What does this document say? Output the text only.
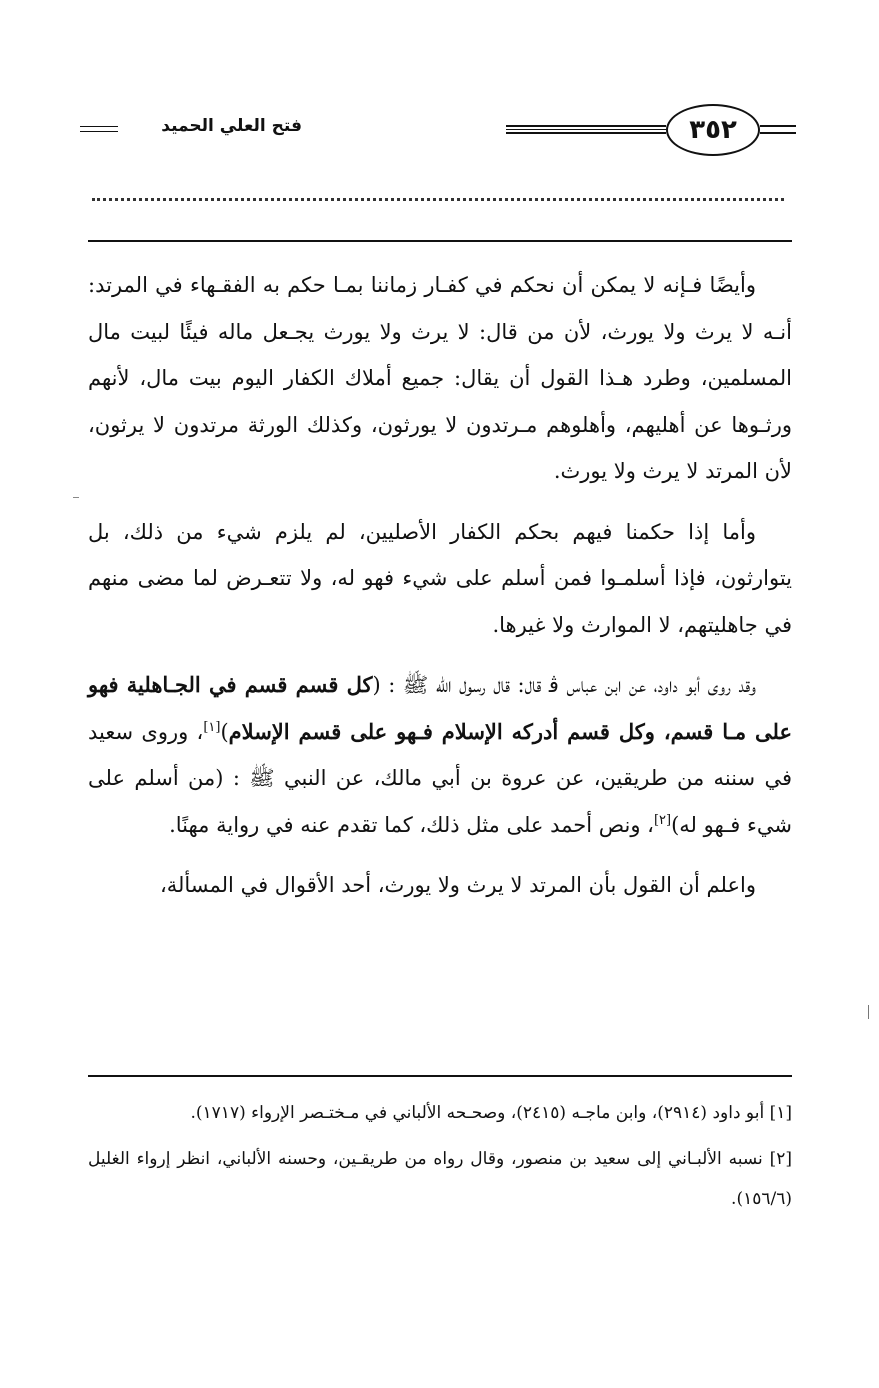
فتح العلي الحميد	٣٥٢

وأيضًا فـإنه لا يمكن أن نحكم في كفـار زماننا بمـا حكم به الفقـهاء في المرتد: أنـه لا يرث ولا يورث، لأن من قال: لا يرث ولا يورث يجـعل ماله فيئًا لبيت مال المسلمين، وطرد هـذا القول أن يقال: جميع أملاك الكفار اليوم بيت مال، لأنهم ورثـوها عن أهليهم، وأهلوهم مـرتدون لا يورثون، وكذلك الورثة مرتدون لا يرثون، لأن المرتد لا يرث ولا يورث.

وأما إذا حكمنا فيهم بحكم الكفار الأصليين، لم يلزم شيء من ذلك، بل يتوارثون، فإذا أسلمـوا فمن أسلم على شيء فهو له، ولا تتعـرض لما مضى منهم في جاهليتهم، لا الموارث ولا غيرها.

وقد روى أبو داود، عن ابن عباس ﭬ قال: قال رسول الله ﷺ : (كل قسم قسم في الجـاهلية فهو على مـا قسم، وكل قسم أدركه الإسلام فـهو على قسم الإسلام)[١]، وروى سعيد في سننه من طريقين، عن عروة بن أبي مالك، عن النبي ﷺ : (من أسلم على شيء فـهو له)[٢]، ونص أحمد على مثل ذلك، كما تقدم عنه في رواية مهنًا.

واعلم أن القول بأن المرتد لا يرث ولا يورث، أحد الأقوال في المسألة،

[١] أبو داود (٢٩١٤)، وابن ماجـه (٢٤١٥)، وصحـحه الألباني في مـختـصر الإرواء (١٧١٧).

[٢] نسبه الألبـاني إلى سعيد بن منصور، وقال رواه من طريقـين، وحسنه الألباني، انظر إرواء الغليل (١٥٦/٦).
